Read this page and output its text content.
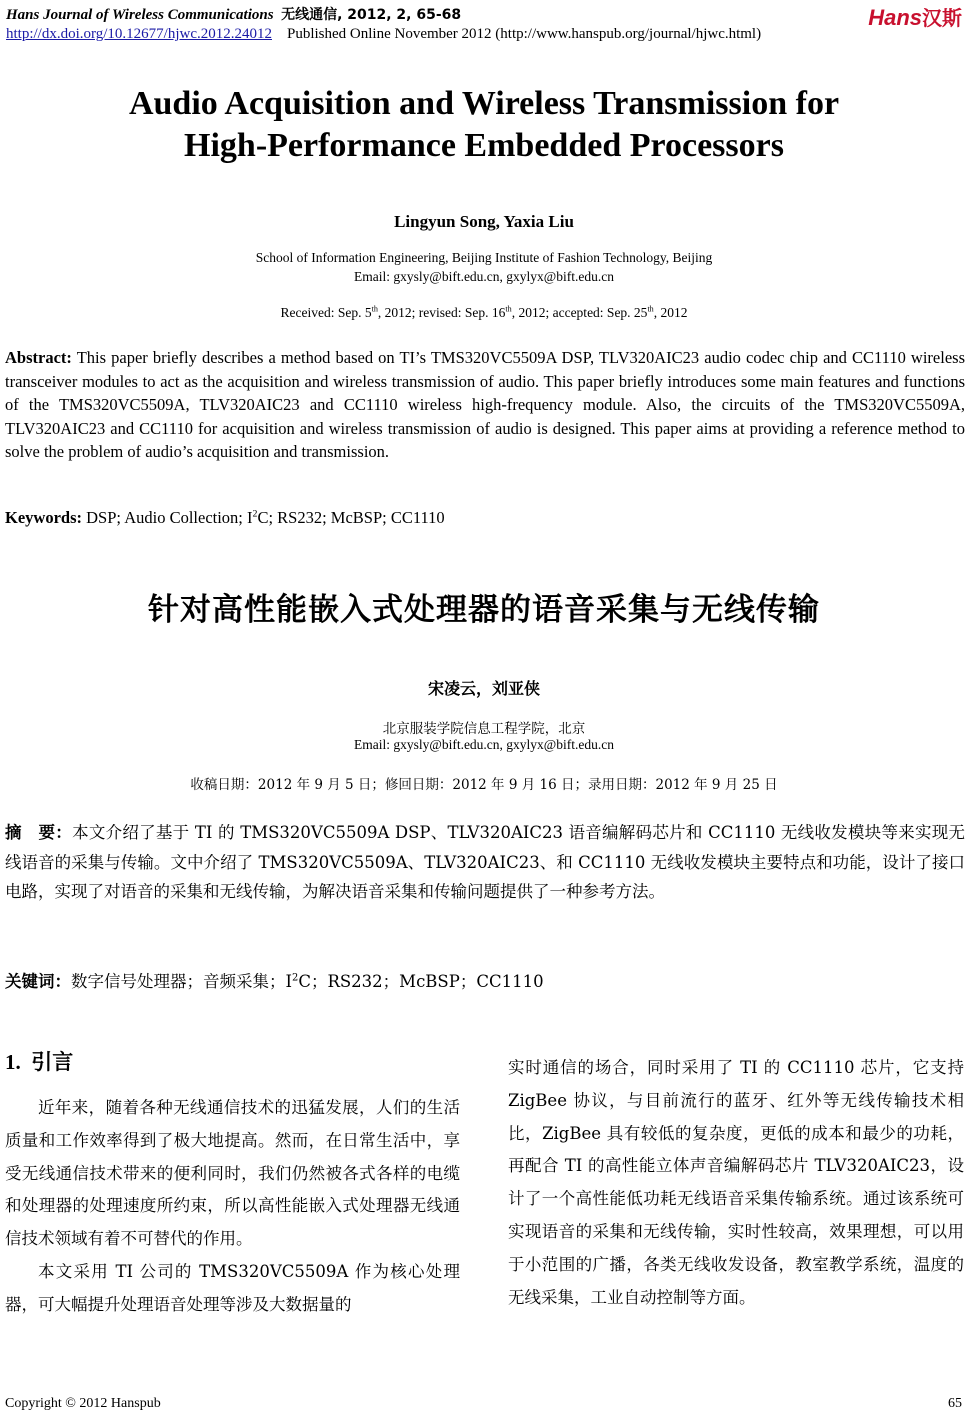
Hans Journal of Wireless Communications 无线通信, 2012, 2, 65-68
http://dx.doi.org/10.12677/hjwc.2012.24012 Published Online November 2012 (http://www.hanspub.org/journal/hjwc.html)
Hans汉斯
Audio Acquisition and Wireless Transmission for
High-Performance Embedded Processors
Lingyun Song, Yaxia Liu
School of Information Engineering, Beijing Institute of Fashion Technology, Beijing
Email: gxysly@bift.edu.cn, gxylyx@bift.edu.cn
Received: Sep. 5th, 2012; revised: Sep. 16th, 2012; accepted: Sep. 25th, 2012
Abstract: This paper briefly describes a method based on TI’s TMS320VC5509A DSP, TLV320AIC23 audio codec chip and CC1110 wireless transceiver modules to act as the acquisition and wireless transmission of audio. This paper briefly introduces some main features and functions of the TMS320VC5509A, TLV320AIC23 and CC1110 wireless high-frequency module. Also, the circuits of the TMS320VC5509A, TLV320AIC23 and CC1110 for acquisition and wireless transmission of audio is designed. This paper aims at providing a reference method to solve the problem of audio’s acquisition and transmission.
Keywords: DSP; Audio Collection; $I^2C$; RS232; McBSP; CC1110
针对高性能嵌入式处理器的语音采集与无线传输
宋凌云，刘亚侠
北京服装学院信息工程学院，北京
Email: gxysly@bift.edu.cn, gxylyx@bift.edu.cn
收稿日期：2012 年 9 月 5 日；修回日期：2012 年 9 月 16 日；录用日期：2012 年 9 月 25 日
摘　要：本文介绍了基于 TI 的 TMS320VC5509A DSP、TLV320AIC23 语音编解码芯片和 CC1110 无线收发模块等来实现无线语音的采集与传输。文中介绍了 TMS320VC5509A、TLV320AIC23、和 CC1110 无线收发模块主要特点和功能，设计了接口电路，实现了对语音的采集和无线传输，为解决语音采集和传输问题提供了一种参考方法。
关键词：数字信号处理器；音频采集；$I^2C$；RS232；McBSP；CC1110
1. 引言

近年来，随着各种无线通信技术的迅猛发展，人们的生活质量和工作效率得到了极大地提高。然而，在日常生活中，享受无线通信技术带来的便利同时，我们仍然被各式各样的电缆和处理器的处理速度所约束，所以高性能嵌入式处理器无线通信技术领域有着不可替代的作用。

本文采用 TI 公司的 TMS320VC5509A 作为核心处理器，可大幅提升处理语音处理等涉及大数据量的

实时通信的场合，同时采用了 TI 的 CC1110 芯片，它支持 ZigBee 协议，与目前流行的蓝牙、红外等无线传输技术相比，ZigBee 具有较低的复杂度，更低的成本和最少的功耗，再配合 TI 的高性能立体声音编解码芯片 TLV320AIC23，设计了一个高性能低功耗无线语音采集传输系统。通过该系统可实现语音的采集和无线传输，实时性较高，效果理想，可以用于小范围的广播，各类无线收发设备，教室教学系统，温度的无线采集，工业自动控制等方面。

Copyright © 2012 Hanspub	65
